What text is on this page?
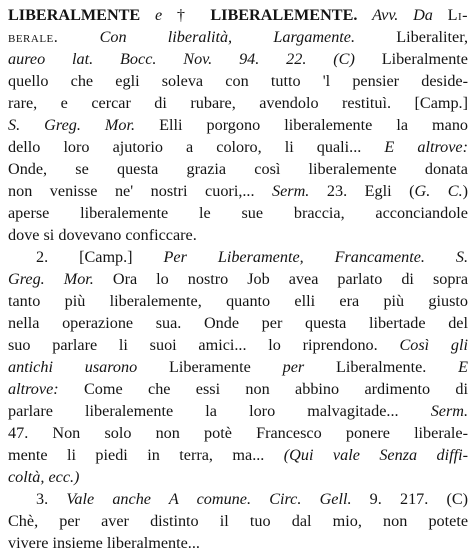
LIBERALMENTE e † LIBERALEMENTE. Avv. Da Li-
berale.	Con liberalità, Largamente.	Liberaliter,
aureo lat. Bocc. Nov. 94. 22. (C) Liberalmente
quello che egli soleva con tutto 'l pensier deside-
rare, e cercar di rubare, avendolo restituì. [Camp.]
S. Greg. Mor. Elli porgono liberalemente la mano
dello loro ajutorio a coloro, li quali... E altrove:
Onde, se questa grazia così liberalemente donata
non venisse ne' nostri cuori,... Serm. 23. Egli (G. C.)
aperse liberalemente le sue braccia, acconciandole
dove si dovevano conficcare.
2. [Camp.] Per Liberamente, Francamente. S.
Greg. Mor. Ora lo nostro Job avea parlato di sopra
tanto più liberalemente, quanto elli era più giusto
nella operazione sua. Onde per questa libertade del
suo parlare li suoi amici... lo riprendono. Così gli
antichi usarono Liberamente per Liberalmente. E
altrove: Come che essi non abbino ardimento di
parlare liberalemente la loro malvagitade... Serm.
47. Non solo non potè Francesco ponere liberale-
mente li piedi in terra, ma... (Qui vale Senza diffi-
coltà, ecc.)
3. Vale anche A comune. Circ. Gell. 9. 217. (C)
Chè, per aver distinto il tuo dal mio, non potete
vivere insieme liberalmente...
